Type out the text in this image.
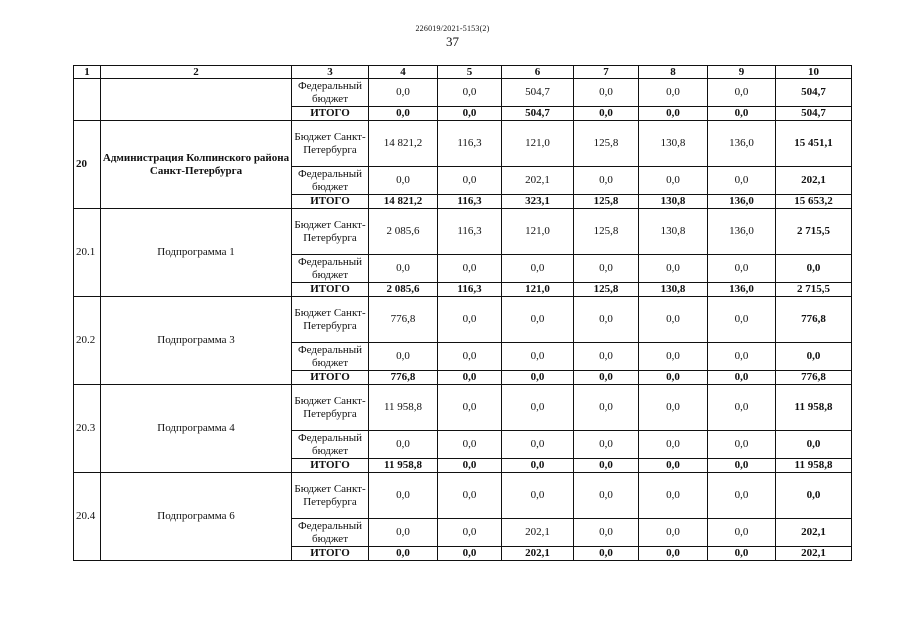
226019/2021-5153(2)
37
1	2	3	4	5	6	7	8	9	10
		Федеральный бюджет	0,0	0,0	504,7	0,0	0,0	0,0	504,7
		ИТОГО	0,0	0,0	504,7	0,0	0,0	0,0	504,7
20	Администрация Колпинского района Санкт-Петербурга	Бюджет Санкт-Петербурга	14 821,2	116,3	121,0	125,8	130,8	136,0	15 451,1
		Федеральный бюджет	0,0	0,0	202,1	0,0	0,0	0,0	202,1
		ИТОГО	14 821,2	116,3	323,1	125,8	130,8	136,0	15 653,2
20.1	Подпрограмма 1	Бюджет Санкт-Петербурга	2 085,6	116,3	121,0	125,8	130,8	136,0	2 715,5
		Федеральный бюджет	0,0	0,0	0,0	0,0	0,0	0,0	0,0
		ИТОГО	2 085,6	116,3	121,0	125,8	130,8	136,0	2 715,5
20.2	Подпрограмма 3	Бюджет Санкт-Петербурга	776,8	0,0	0,0	0,0	0,0	0,0	776,8
		Федеральный бюджет	0,0	0,0	0,0	0,0	0,0	0,0	0,0
		ИТОГО	776,8	0,0	0,0	0,0	0,0	0,0	776,8
20.3	Подпрограмма 4	Бюджет Санкт-Петербурга	11 958,8	0,0	0,0	0,0	0,0	0,0	11 958,8
		Федеральный бюджет	0,0	0,0	0,0	0,0	0,0	0,0	0,0
		ИТОГО	11 958,8	0,0	0,0	0,0	0,0	0,0	11 958,8
20.4	Подпрограмма 6	Бюджет Санкт-Петербурга	0,0	0,0	0,0	0,0	0,0	0,0	0,0
		Федеральный бюджет	0,0	0,0	202,1	0,0	0,0	0,0	202,1
		ИТОГО	0,0	0,0	202,1	0,0	0,0	0,0	202,1
